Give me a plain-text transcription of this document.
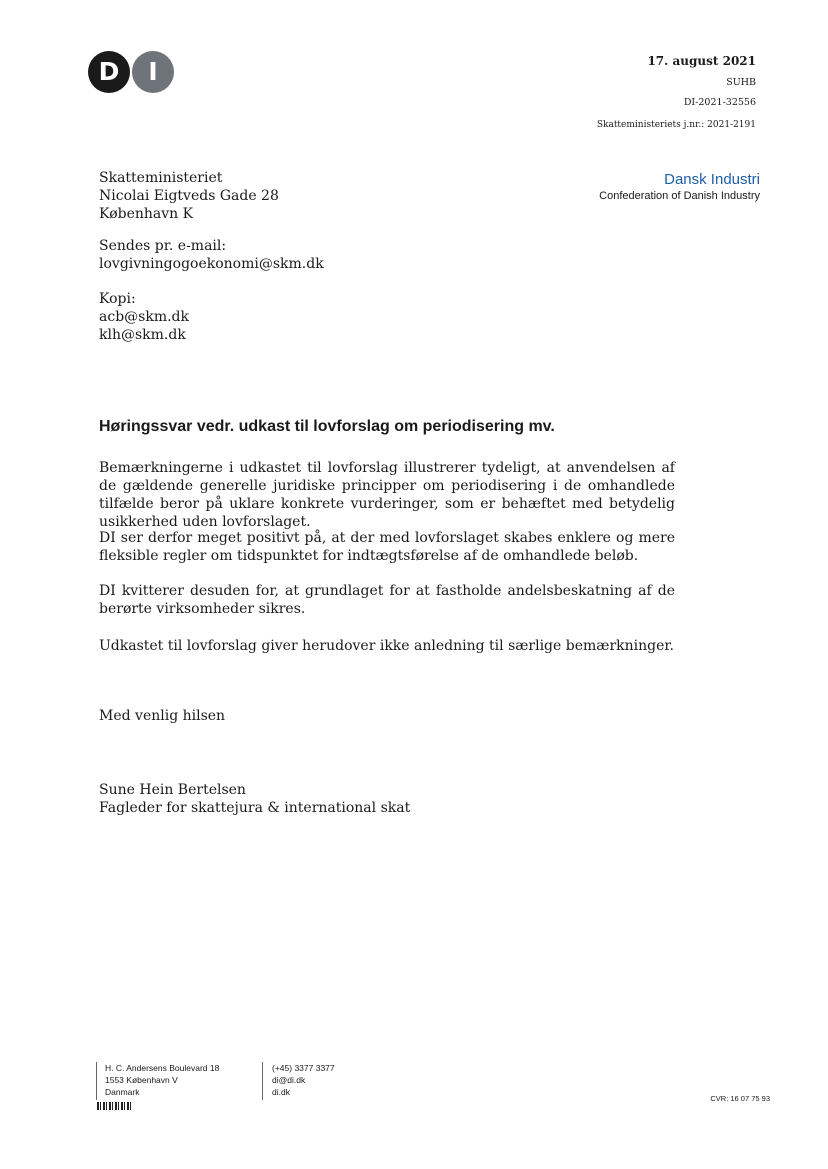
D	I	17. august 2021
SUHB
DI-2021-32556
Skatteministeriets j.nr.: 2021-2191
Dansk Industri
Confederation of Danish Industry
Skatteministeriet
Nicolai Eigtveds Gade 28
København K
Sendes pr. e-mail:
lovgivningogoekonomi@skm.dk
Kopi:
acb@skm.dk
klh@skm.dk
Høringssvar vedr. udkast til lovforslag om periodisering mv.
Bemærkningerne i udkastet til lovforslag illustrerer tydeligt, at anvendelsen af de gældende generelle juridiske principper om periodisering i de omhandlede tilfælde beror på uklare konkrete vurderinger, som er behæftet med betydelig usikkerhed uden lovforslaget.
DI ser derfor meget positivt på, at der med lovforslaget skabes enklere og mere fleksible regler om tidspunktet for indtægtsførelse af de omhandlede beløb.
DI kvitterer desuden for, at grundlaget for at fastholde andelsbeskatning af de berørte virksomheder sikres.
Udkastet til lovforslag giver herudover ikke anledning til særlige bemærkninger.
Med venlig hilsen
Sune Hein Bertelsen
Fagleder for skattejura & international skat
H. C. Andersens Boulevard 18
1553 København V
Danmark
(+45) 3377 3377
di@di.dk
di.dk
CVR: 16 07 75 93
